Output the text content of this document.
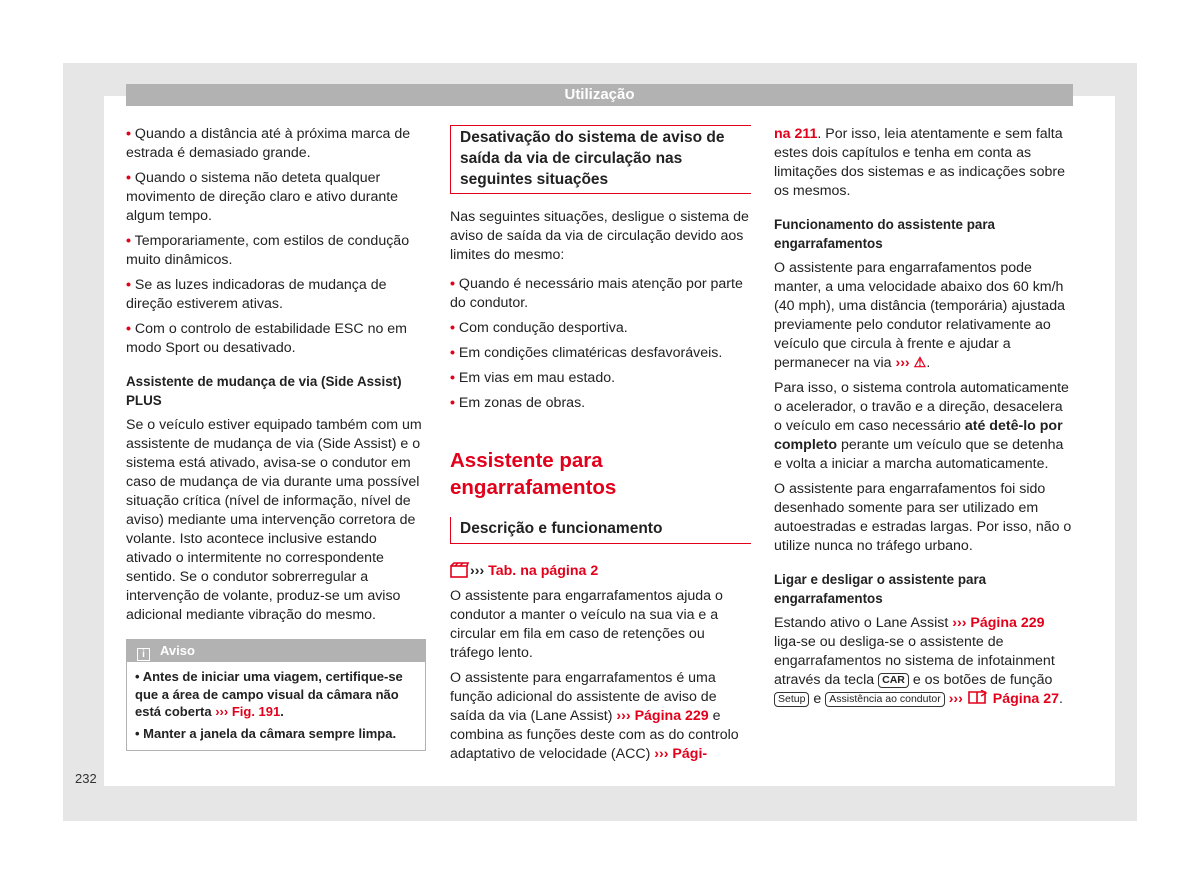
Utilização
232
• Quando a distância até à próxima marca de estrada é demasiado grande.
• Quando o sistema não deteta qualquer movimento de direção claro e ativo durante algum tempo.
• Temporariamente, com estilos de condução muito dinâmicos.
• Se as luzes indicadoras de mudança de direção estiverem ativas.
• Com o controlo de estabilidade ESC no em modo Sport ou desativado.
Assistente de mudança de via (Side Assist) PLUS

Se o veículo estiver equipado também com um assistente de mudança de via (Side Assist) e o sistema está ativado, avisa-se o condutor em caso de mudança de via durante uma possível situação crítica (nível de informação, nível de aviso) mediante uma intervenção corretora de volante. Isto acontece inclusive estando ativado o intermitente no correspondente sentido. Se o condutor sobrerregular a intervenção de volante, produz-se um aviso adicional mediante vibração do mesmo.

i Aviso

• Antes de iniciar uma viagem, certifique-se que a área de campo visual da câmara não está coberta ››› Fig. 191.

• Manter a janela da câmara sempre limpa.

Desativação do sistema de aviso de saída da via de circulação nas seguintes situações

Nas seguintes situações, desligue o sistema de aviso de saída da via de circulação devido aos limites do mesmo:

• Quando é necessário mais atenção por parte do condutor.
• Com condução desportiva.
• Em condições climatéricas desfavoráveis.
• Em vias em mau estado.
• Em zonas de obras.
Assistente para engarrafamentos
Descrição e funcionamento
››› Tab. na página 2

O assistente para engarrafamentos ajuda o condutor a manter o veículo na sua via e a circular em fila em caso de retenções ou tráfego lento.

O assistente para engarrafamentos é uma função adicional do assistente de aviso de saída da via (Lane Assist) ››› Página 229 e combina as funções deste com as do controlo adaptativo de velocidade (ACC) ››› Pági-

na 211. Por isso, leia atentamente e sem falta estes dois capítulos e tenha em conta as limitações dos sistemas e as indicações sobre os mesmos.

Funcionamento do assistente para engarrafamentos

O assistente para engarrafamentos pode manter, a uma velocidade abaixo dos 60 km/h (40 mph), uma distância (temporária) ajustada previamente pelo condutor relativamente ao veículo que circula à frente e ajudar a permanecer na via ››› ⚠.

Para isso, o sistema controla automaticamente o acelerador, o travão e a direção, desacelera o veículo em caso necessário até detê-lo por completo perante um veículo que se detenha e volta a iniciar a marcha automaticamente.

O assistente para engarrafamentos foi sido desenhado somente para ser utilizado em autoestradas e estradas largas. Por isso, não o utilize nunca no tráfego urbano.

Ligar e desligar o assistente para engarrafamentos

Estando ativo o Lane Assist ››› Página 229 liga-se ou desliga-se o assistente de engarrafamentos no sistema de infotainment através da tecla CAR e os botões de função Setup e Assistência ao condutor ››› Página 27.
